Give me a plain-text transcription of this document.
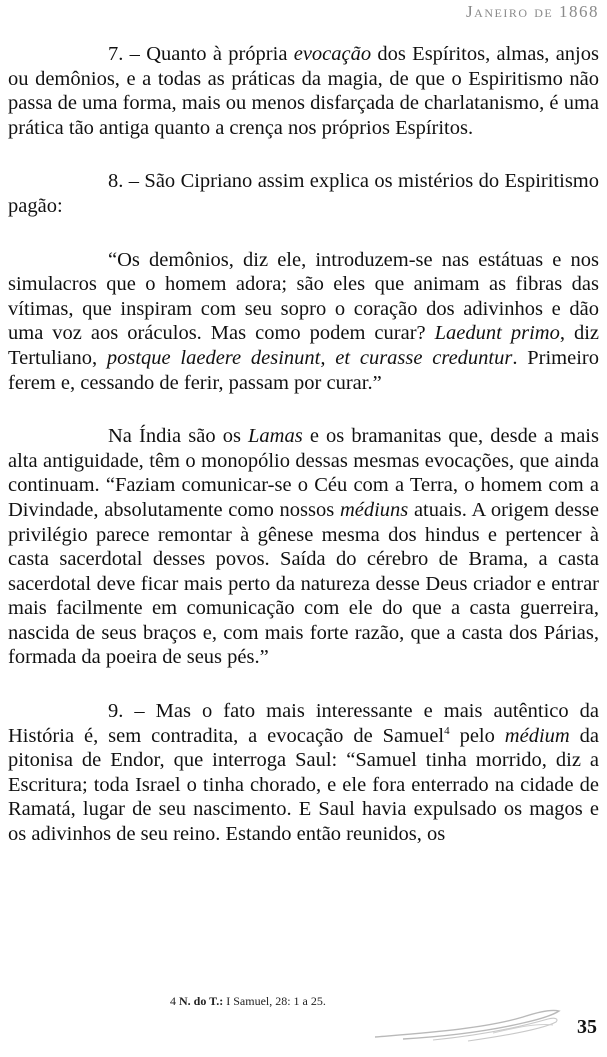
Janeiro de 1868

7. – Quanto à própria evocação dos Espíritos, almas, anjos ou demônios, e a todas as práticas da magia, de que o Espiritismo não passa de uma forma, mais ou menos disfarçada de charlatanismo, é uma prática tão antiga quanto a crença nos próprios Espíritos.

8. – São Cipriano assim explica os mistérios do Espiritismo pagão:

“Os demônios, diz ele, introduzem-se nas estátuas e nos simulacros que o homem adora; são eles que animam as fibras das vítimas, que inspiram com seu sopro o coração dos adivinhos e dão uma voz aos oráculos. Mas como podem curar? Laedunt primo, diz Tertuliano, postque laedere desinunt, et curasse creduntur. Primeiro ferem e, cessando de ferir, passam por curar.”

Na Índia são os Lamas e os bramanitas que, desde a mais alta antiguidade, têm o monopólio dessas mesmas evocações, que ainda continuam. “Faziam comunicar-se o Céu com a Terra, o homem com a Divindade, absolutamente como nossos médiuns atuais. A origem desse privilégio parece remontar à gênese mesma dos hindus e pertencer à casta sacerdotal desses povos. Saída do cérebro de Brama, a casta sacerdotal deve ficar mais perto da natureza desse Deus criador e entrar mais facilmente em comunicação com ele do que a casta guerreira, nascida de seus braços e, com mais forte razão, que a casta dos Párias, formada da poeira de seus pés.”

9. – Mas o fato mais interessante e mais autêntico da História é, sem contradita, a evocação de Samuel$^4$ pelo médium da pitonisa de Endor, que interroga Saul: “Samuel tinha morrido, diz a Escritura; toda Israel o tinha chorado, e ele fora enterrado na cidade de Ramatá, lugar de seu nascimento. E Saul havia expulsado os magos e os adivinhos de seu reino. Estando então reunidos, os

4 N. do T.: I Samuel, 28: 1 a 25.
35
